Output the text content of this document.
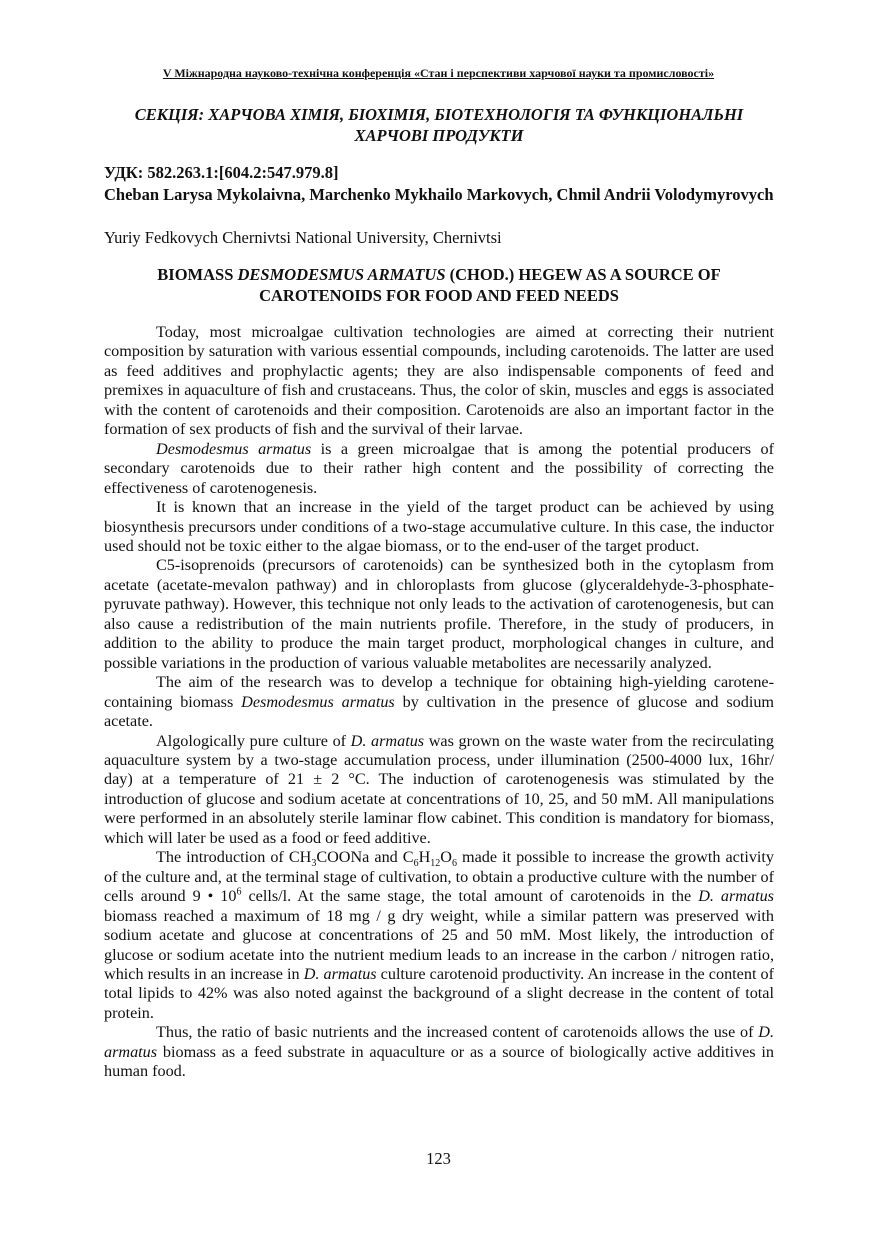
V Міжнародна науково-технічна конференція «Стан і перспективи харчової науки та промисловості»
СЕКЦІЯ: ХАРЧОВА ХІМІЯ, БІОХІМІЯ, БІОТЕХНОЛОГІЯ ТА ФУНКЦІОНАЛЬНІ
ХАРЧОВІ ПРОДУКТИ
УДК: 582.263.1:[604.2:547.979.8]
Cheban Larysa Mykolaivna, Marchenko Mykhailo Markovych, Chmil Andrii Volodymyrovych
Yuriy Fedkovych Chernivtsi National University, Chernivtsi
BIOMASS DESMODESMUS ARMATUS (CHOD.) HEGEW AS A SOURCE OF
CAROTENOIDS FOR FOOD AND FEED NEEDS

Today, most microalgae cultivation technologies are aimed at correcting their nutrient composition by saturation with various essential compounds, including carotenoids. The latter are used as feed additives and prophylactic agents; they are also indispensable components of feed and premixes in aquaculture of fish and crustaceans. Thus, the color of skin, muscles and eggs is associated with the content of carotenoids and their composition. Carotenoids are also an important factor in the formation of sex products of fish and the survival of their larvae.

Desmodesmus armatus is a green microalgae that is among the potential producers of secondary carotenoids due to their rather high content and the possibility of correcting the effectiveness of carotenogenesis.

It is known that an increase in the yield of the target product can be achieved by using biosynthesis precursors under conditions of a two-stage accumulative culture. In this case, the inductor used should not be toxic either to the algae biomass, or to the end-user of the target product.

C5-isoprenoids (precursors of carotenoids) can be synthesized both in the cytoplasm from acetate (acetate-mevalon pathway) and in chloroplasts from glucose (glyceraldehyde-3-phosphate-pyruvate pathway). However, this technique not only leads to the activation of carotenogenesis, but can also cause a redistribution of the main nutrients profile. Therefore, in the study of producers, in addition to the ability to produce the main target product, morphological changes in culture, and possible variations in the production of various valuable metabolites are necessarily analyzed.

The aim of the research was to develop a technique for obtaining high-yielding carotene-containing biomass Desmodesmus armatus by cultivation in the presence of glucose and sodium acetate.

Algologically pure culture of D. armatus was grown on the waste water from the recirculating aquaculture system by a two-stage accumulation process, under illumination (2500-4000 lux, 16hr/ day) at a temperature of 21 ± 2 °C. The induction of carotenogenesis was stimulated by the introduction of glucose and sodium acetate at concentrations of 10, 25, and 50 mM. All manipulations were performed in an absolutely sterile laminar flow cabinet. This condition is mandatory for biomass, which will later be used as a food or feed additive.

The introduction of $CH_3COONa$ and $C_6H_{12}O_6$ made it possible to increase the growth activity of the culture and, at the terminal stage of cultivation, to obtain a productive culture with the number of cells around 9 • $10^6$ cells/l. At the same stage, the total amount of carotenoids in the D. armatus biomass reached a maximum of 18 mg / g dry weight, while a similar pattern was preserved with sodium acetate and glucose at concentrations of 25 and 50 mM. Most likely, the introduction of glucose or sodium acetate into the nutrient medium leads to an increase in the carbon / nitrogen ratio, which results in an increase in D. armatus culture carotenoid productivity. An increase in the content of total lipids to 42% was also noted against the background of a slight decrease in the content of total protein.

Thus, the ratio of basic nutrients and the increased content of carotenoids allows the use of D. armatus biomass as a feed substrate in aquaculture or as a source of biologically active additives in human food.

123
